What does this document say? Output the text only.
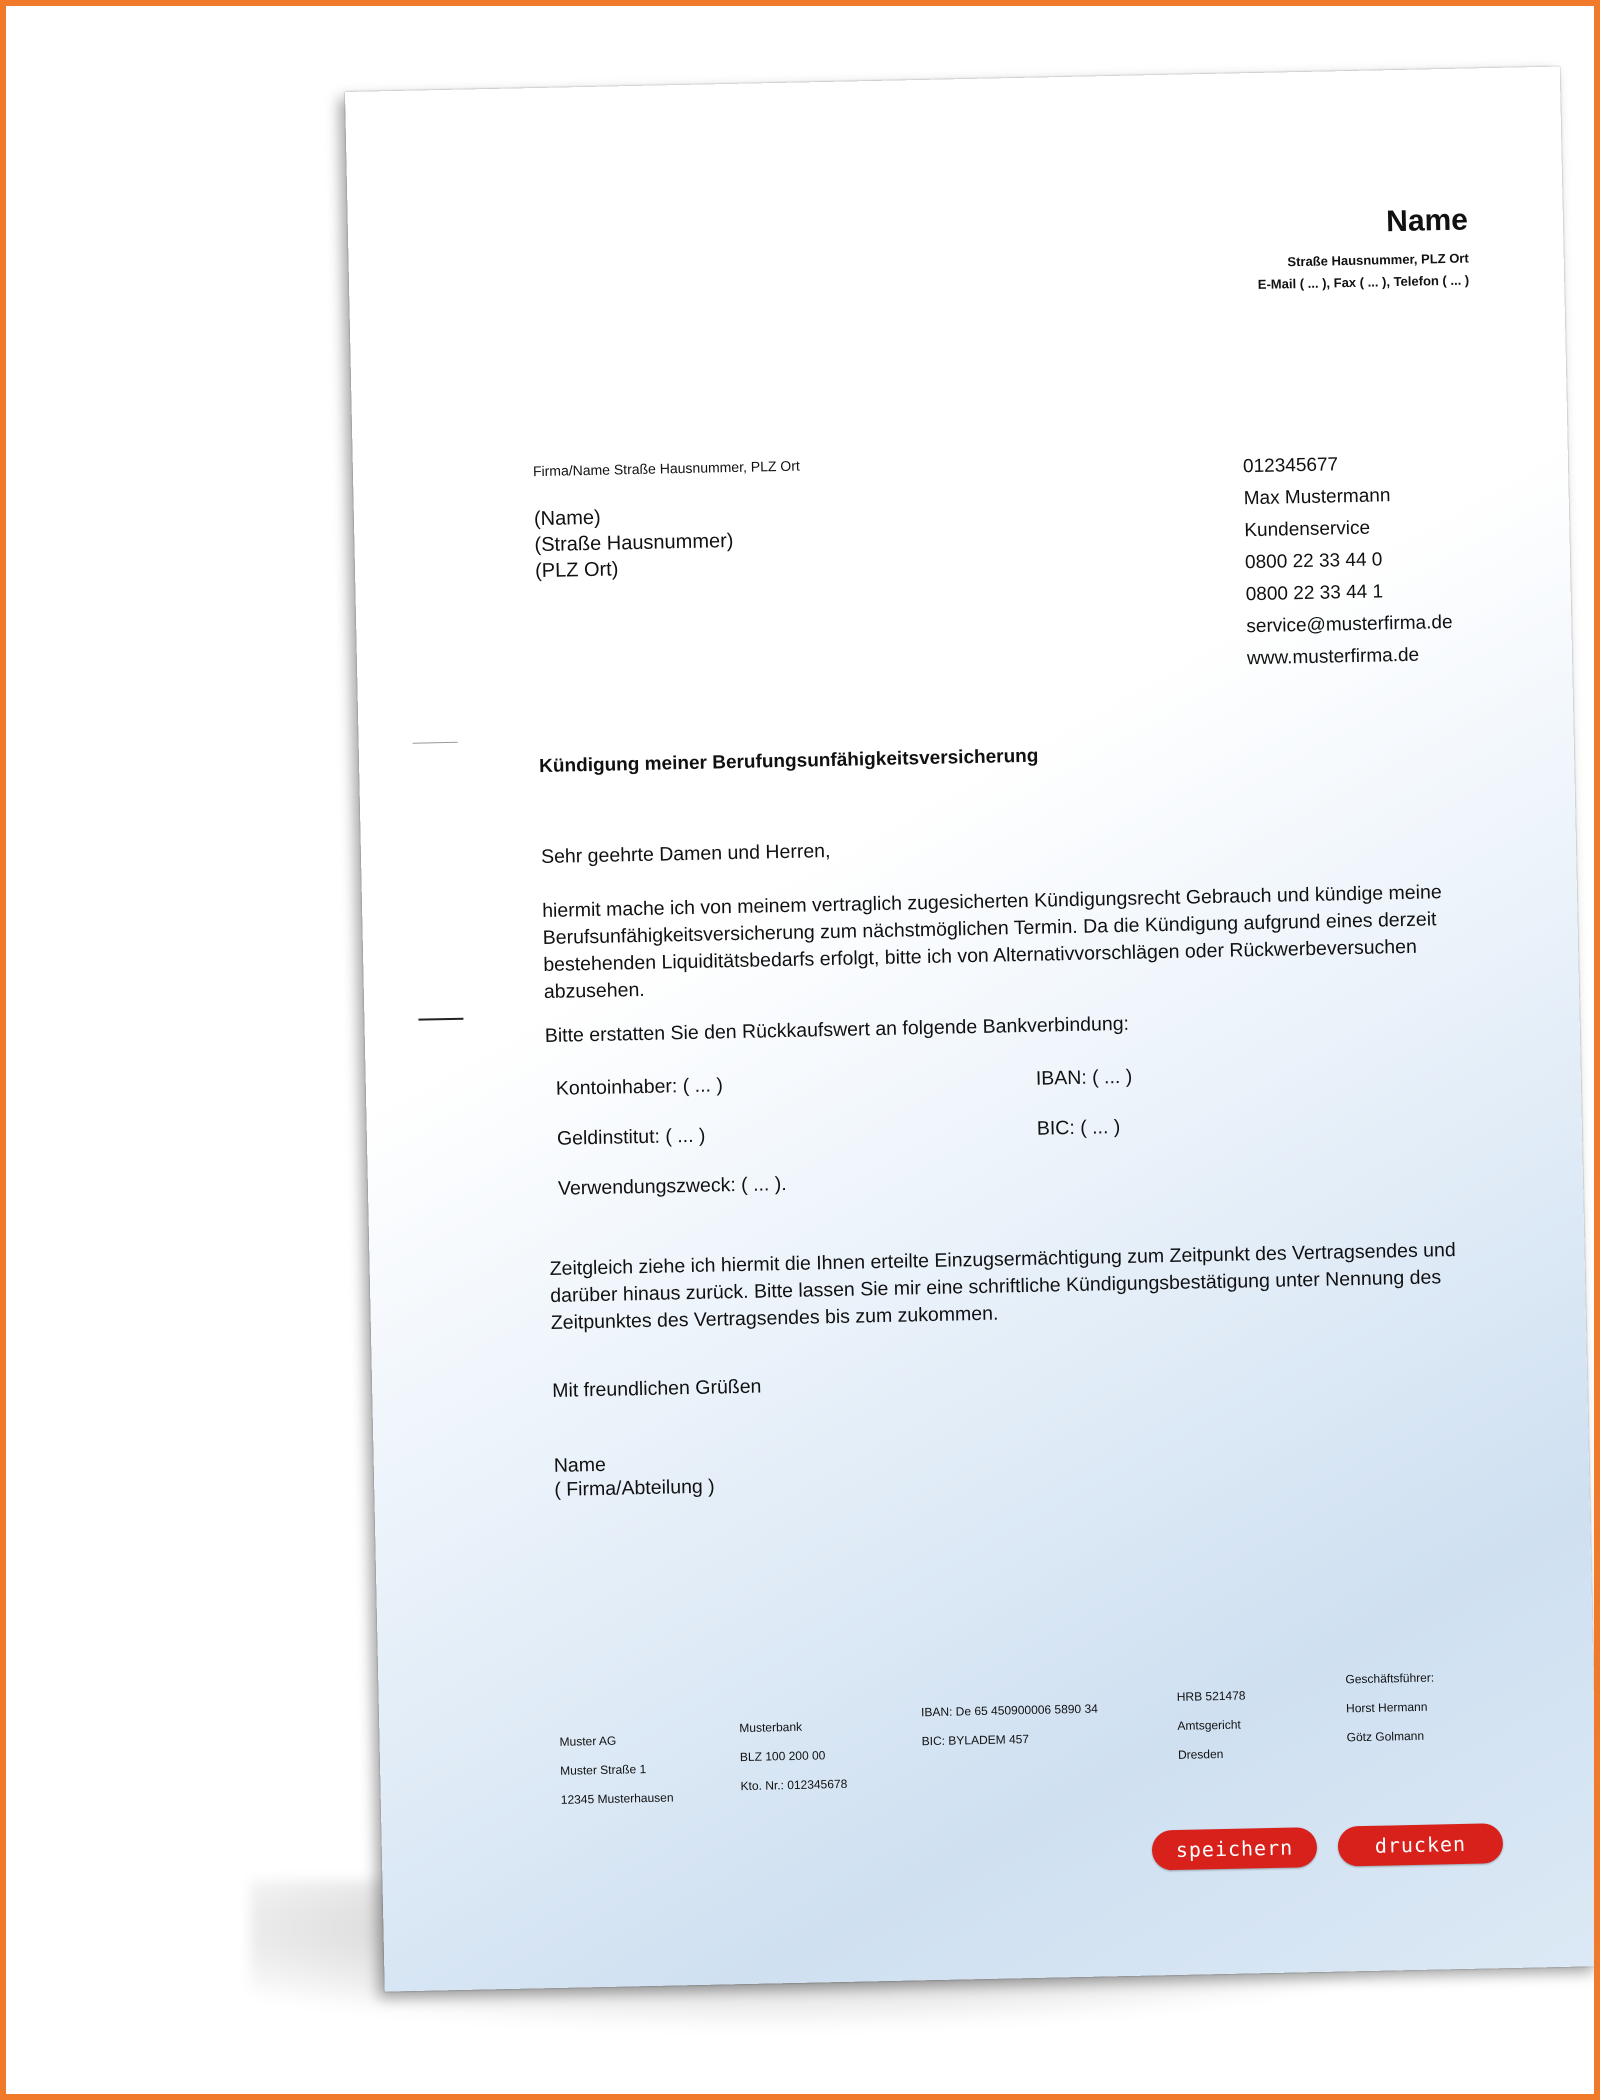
Name
Straße Hausnummer, PLZ Ort
E-Mail ( ... ), Fax ( ... ), Telefon ( ... )
Firma/Name Straße Hausnummer, PLZ Ort
(Name)
(Straße Hausnummer)
(PLZ Ort)
012345677
Max Mustermann
Kundenservice
0800 22 33 44 0
0800 22 33 44 1
service@musterfirma.de
www.musterfirma.de
Kündigung meiner Berufungsunfähigkeitsversicherung
Sehr geehrte Damen und Herren,
hiermit mache ich von meinem vertraglich zugesicherten Kündigungsrecht Gebrauch und kündige meine Berufsunfähigkeitsversicherung zum nächstmöglichen Termin. Da die Kündigung aufgrund eines derzeit bestehenden Liquiditätsbedarfs erfolgt, bitte ich von Alternativvorschlägen oder Rückwerbeversuchen abzusehen.
Bitte erstatten Sie den Rückkaufswert an folgende Bankverbindung:
Kontoinhaber: ( ... )
Geldinstitut: ( ... )
Verwendungszweck: ( ... ).
IBAN: ( ... )
BIC: ( ... )
Zeitgleich ziehe ich hiermit die Ihnen erteilte Einzugsermächtigung zum Zeitpunkt des Vertragsendes und darüber hinaus zurück. Bitte lassen Sie mir eine schriftliche Kündigungsbestätigung unter Nennung des Zeitpunktes des Vertragsendes bis zum zukommen.
Mit freundlichen Grüßen
Name
( Firma/Abteilung )
Muster AG
Muster Straße 1
12345 Musterhausen
Musterbank
BLZ 100 200 00
Kto. Nr.: 012345678
IBAN: De 65 450900006 5890 34
BIC: BYLADEM 457
HRB 521478
Amtsgericht
Dresden
Geschäftsführer:
Horst Hermann
Götz Golmann
speichern	drucken
